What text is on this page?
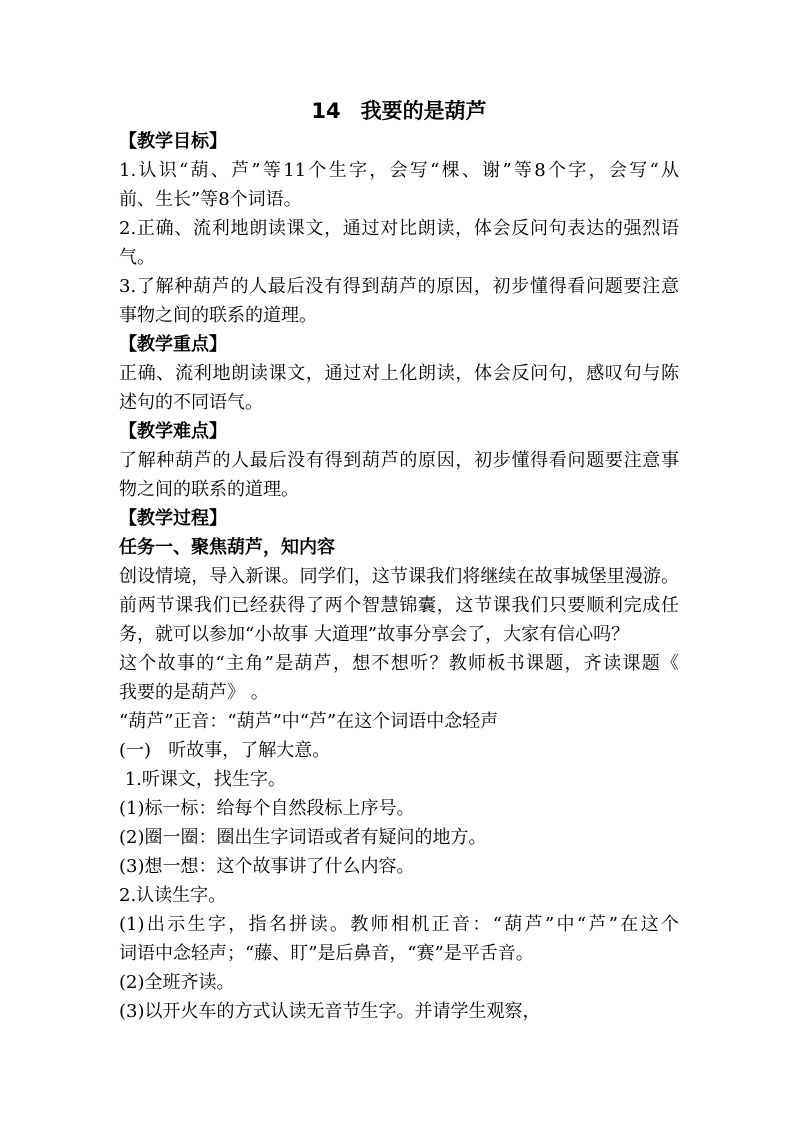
14 我要的是葫芦
【教学目标】
1.认识“葫、芦”等11个生字，会写“棵、谢”等8个字，会写“从
前、生长”等8个词语。
2.正确、流利地朗读课文，通过对比朗读，体会反问句表达的强烈语
气。
3.了解种葫芦的人最后没有得到葫芦的原因，初步懂得看问题要注意
事物之间的联系的道理。
【教学重点】
正确、流利地朗读课文，通过对上化朗读，体会反问句，感叹句与陈
述句的不同语气。
【教学难点】
了解种葫芦的人最后没有得到葫芦的原因，初步懂得看问题要注意事
物之间的联系的道理。
【教学过程】
任务一、聚焦葫芦，知内容
创设情境，导入新课。同学们，这节课我们将继续在故事城堡里漫游。
前两节课我们已经获得了两个智慧锦囊，这节课我们只要顺利完成任
务，就可以参加“小故事 大道理”故事分享会了，大家有信心吗？
这个故事的“主角”是葫芦，想不想听？教师板书课题，齐读课题《
我要的是葫芦》 。
“葫芦”正音：“葫芦”中“芦”在这个词语中念轻声
(一)   听故事，了解大意。
1.听课文，找生字。
(1)标一标：给每个自然段标上序号。
(2)圈一圈：圈出生字词语或者有疑问的地方。
(3)想一想：这个故事讲了什么内容。
2.认读生字。
(1)出示生字，指名拼读。教师相机正音：“葫芦”中“芦”在这个
词语中念轻声；“藤、盯”是后鼻音，“赛”是平舌音。
(2)全班齐读。
(3)以开火车的方式认读无音节生字。并请学生观察，
